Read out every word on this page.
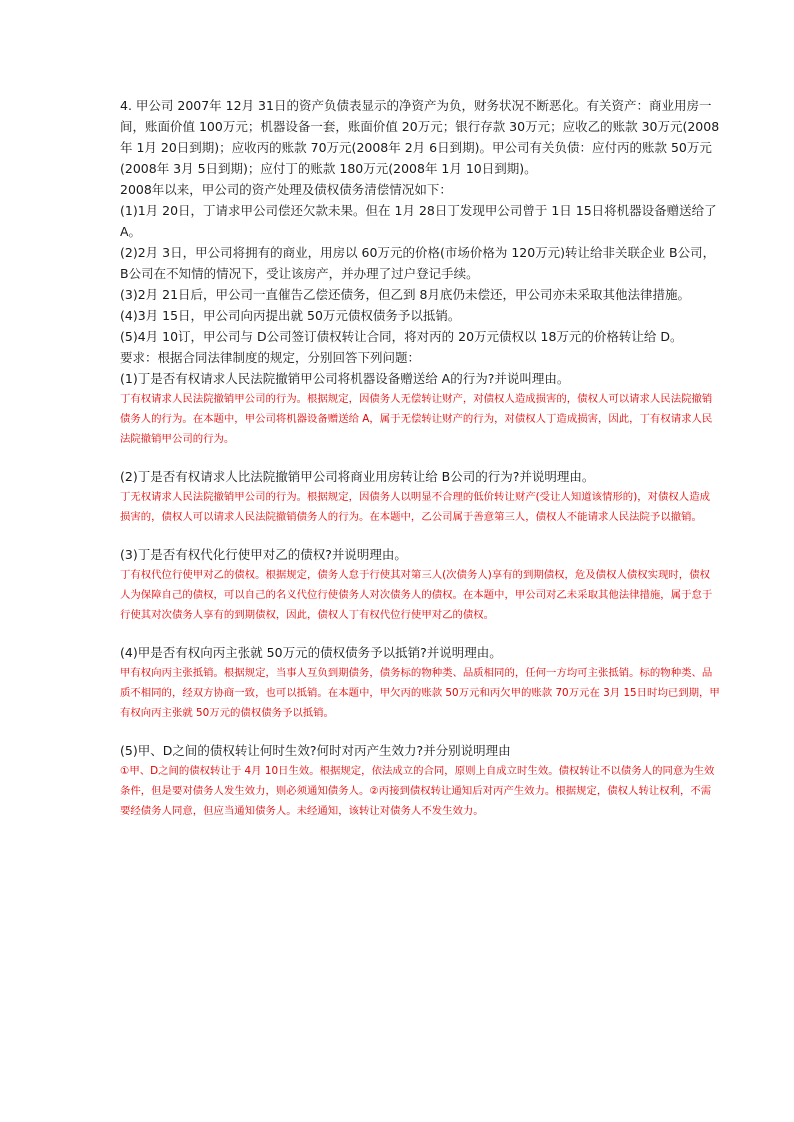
4. 甲公司 2007年 12月 31日的资产负债表显示的净资产为负，财务状况不断恶化。有关资产：商业用房一间，账面价值 100万元；机器设备一套，账面价值 20万元；银行存款 30万元；应收乙的账款 30万元(2008年 1月 20日到期)；应收丙的账款 70万元(2008年 2月 6日到期)。甲公司有关负债：应付丙的账款 50万元(2008年 3月 5日到期)；应付丁的账款 180万元(2008年 1月 10日到期)。

2008年以来，甲公司的资产处理及债权债务清偿情况如下：

(1)1月 20日，丁请求甲公司偿还欠款未果。但在 1月 28日丁发现甲公司曾于 1日 15日将机器设备赠送给了 A。

(2)2月 3日，甲公司将拥有的商业，用房以 60万元的价格(市场价格为 120万元)转让给非关联企业 B公司，B公司在不知情的情况下，受让该房产，并办理了过户登记手续。

(3)2月 21日后，甲公司一直催告乙偿还债务，但乙到 8月底仍未偿还，甲公司亦未采取其他法律措施。

(4)3月 15日，甲公司向丙提出就 50万元债权债务予以抵销。

(5)4月 10订，甲公司与 D公司签订债权转让合同，将对丙的 20万元债权以 18万元的价格转让给 D。

要求：根据合同法律制度的规定，分别回答下列问题：

(1)丁是否有权请求人民法院撤销甲公司将机器设备赠送给 A的行为?并说叫理由。

丁有权请求人民法院撤销甲公司的行为。根据规定，因债务人无偿转让财产，对债权人造成损害的，债权人可以请求人民法院撤销债务人的行为。在本题中，甲公司将机器设备赠送给 A，属于无偿转让财产的行为，对债权人丁造成损害，因此，丁有权请求人民法院撤销甲公司的行为。

(2)丁是否有权请求人比法院撤销甲公司将商业用房转让给 B公司的行为?并说明理由。

丁无权请求人民法院撤销甲公司的行为。根据规定，因债务人以明显不合理的低价转让财产(受让人知道该情形的)，对债权人造成损害的，债权人可以请求人民法院撤销债务人的行为。在本题中，乙公司属于善意第三人，债权人不能请求人民法院予以撤销。

(3)丁是否有权代化行使甲对乙的债权?并说明理由。

丁有权代位行使甲对乙的债权。根据规定，债务人怠于行使其对第三人(次债务人)享有的到期债权，危及债权人债权实现时，债权人为保障自己的债权，可以自己的名义代位行使债务人对次债务人的债权。在本题中，甲公司对乙未采取其他法律措施，属于怠于行使其对次债务人享有的到期债权，因此，债权人丁有权代位行使甲对乙的债权。

(4)甲是否有权向丙主张就 50万元的债权债务予以抵销?并说明理由。

甲有权向丙主张抵销。根据规定，当事人互负到期债务，债务标的物种类、品质相同的，任何一方均可主张抵销。标的物种类、品质不相同的，经双方协商一致，也可以抵销。在本题中，甲欠丙的账款 50万元和丙欠甲的账款 70万元在 3月 15日时均已到期，甲有权向丙主张就 50万元的债权债务予以抵销。

(5)甲、D之间的债权转让何时生效?何时对丙产生效力?并分别说明理由

①甲、D之间的债权转让于 4月 10日生效。根据规定，依法成立的合同，原则上自成立时生效。债权转让不以债务人的同意为生效条件，但是要对债务人发生效力，则必须通知债务人。②丙接到债权转让通知后对丙产生效力。根据规定，债权人转让权利，不需要经债务人同意，但应当通知债务人。未经通知，该转让对债务人不发生效力。
